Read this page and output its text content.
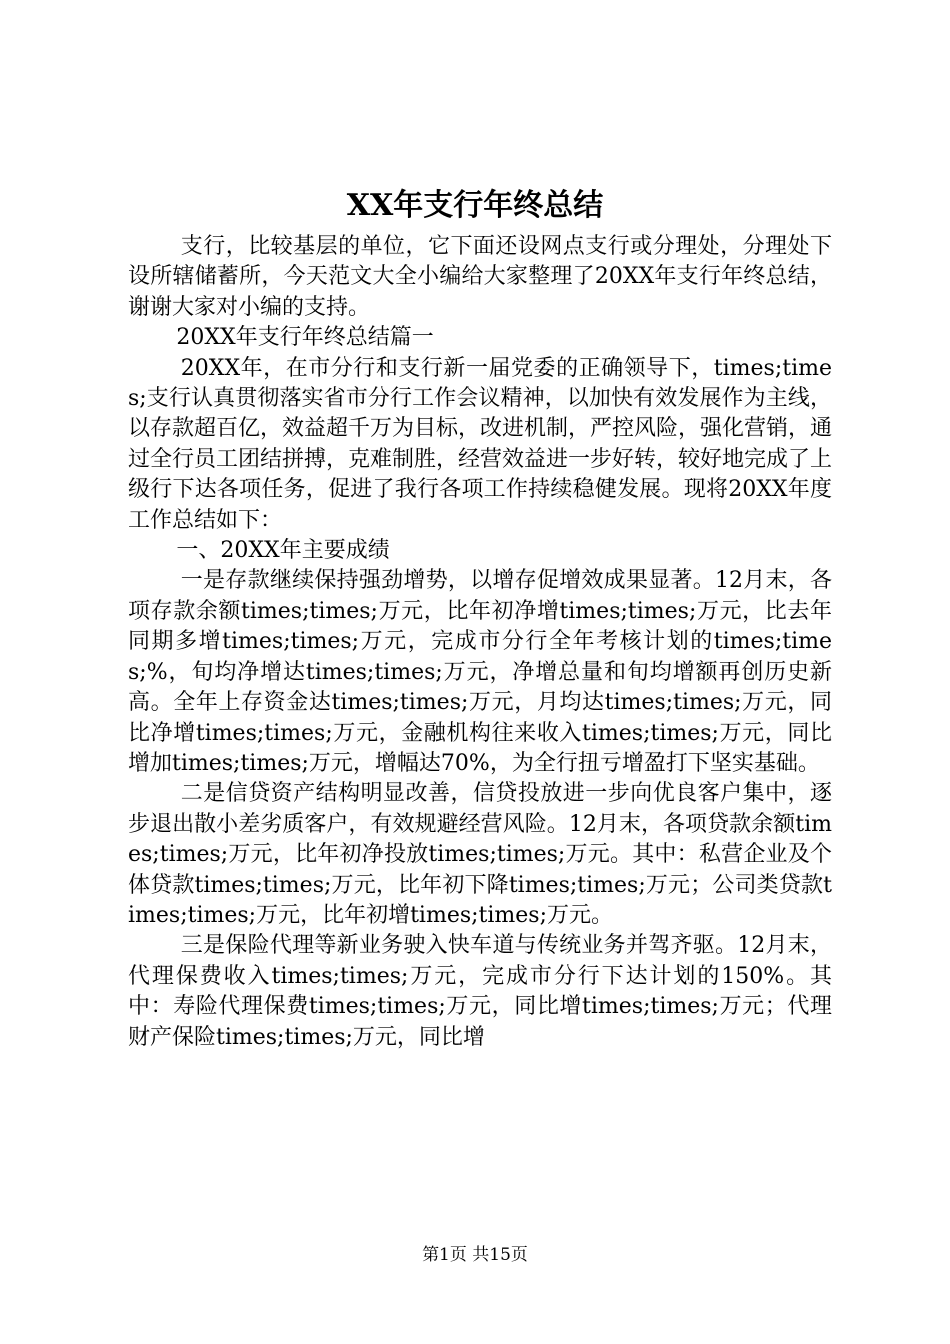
XX年支行年终总结

支行，比较基层的单位，它下面还设网点支行或分理处，分理处下设所辖储蓄所，今天范文大全小编给大家整理了20XX年支行年终总结，谢谢大家对小编的支持。

20XX年支行年终总结篇一

20XX年，在市分行和支行新一届党委的正确领导下，times;times;支行认真贯彻落实省市分行工作会议精神，以加快有效发展作为主线，以存款超百亿，效益超千万为目标，改进机制，严控风险，强化营销，通过全行员工团结拼搏，克难制胜，经营效益进一步好转，较好地完成了上级行下达各项任务，促进了我行各项工作持续稳健发展。现将20XX年度工作总结如下：

一、20XX年主要成绩

一是存款继续保持强劲增势，以增存促增效成果显著。12月末，各项存款余额times;times;万元，比年初净增times;times;万元，比去年同期多增times;times;万元，完成市分行全年考核计划的times;times;%，旬均净增达times;times;万元，净增总量和旬均增额再创历史新高。全年上存资金达times;times;万元，月均达times;times;万元，同比净增times;times;万元，金融机构往来收入times;times;万元，同比增加times;times;万元，增幅达70%，为全行扭亏增盈打下坚实基础。

二是信贷资产结构明显改善，信贷投放进一步向优良客户集中，逐步退出散小差劣质客户，有效规避经营风险。12月末，各项贷款余额times;times;万元，比年初净投放times;times;万元。其中：私营企业及个体贷款times;times;万元，比年初下降times;times;万元；公司类贷款times;times;万元，比年初增times;times;万元。

三是保险代理等新业务驶入快车道与传统业务并驾齐驱。12月末，代理保费收入times;times;万元，完成市分行下达计划的150%。其中：寿险代理保费times;times;万元，同比增times;times;万元；代理财产保险times;times;万元，同比增

第1页 共15页
